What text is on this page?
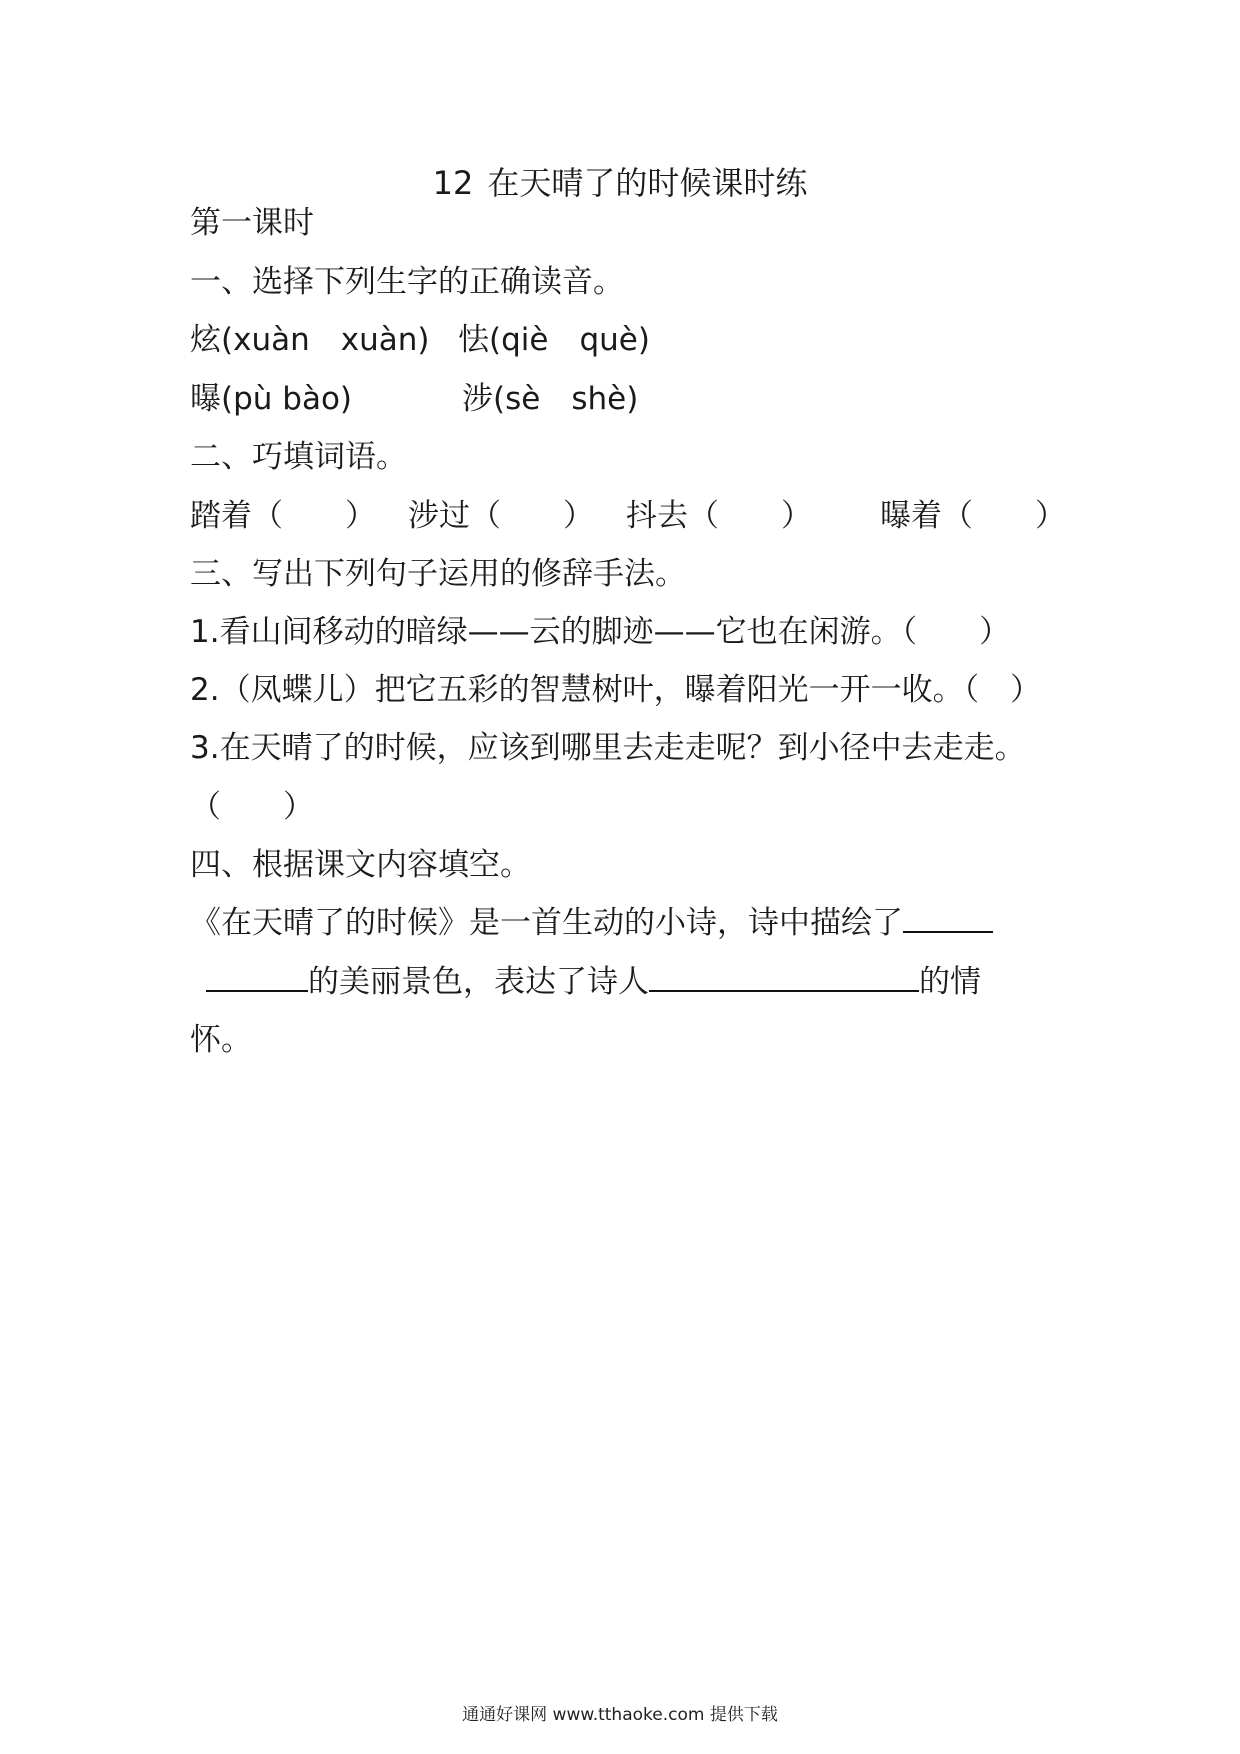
12 在天晴了的时候课时练
第一课时
一、选择下列生字的正确读音。
炫(xuàn　xuàn) 怯(qiè　què)
曝(pù bào)	涉(sè　shè)
二、巧填词语。
踏着（　　） 涉过（　　） 抖去（　　） 曝着（　　）
三、写出下列句子运用的修辞手法。
1.看山间移动的暗绿——云的脚迹——它也在闲游。（　　）
2.（凤蝶儿）把它五彩的智慧树叶，曝着阳光一开一收。（　）
3.在天晴了的时候，应该到哪里去走走呢？到小径中去走走。
（　　）
四、根据课文内容填空。
《在天晴了的时候》是一首生动的小诗，诗中描绘了
的美丽景色，表达了诗人	的情
怀。
通通好课网 www.tthaoke.com 提供下载
